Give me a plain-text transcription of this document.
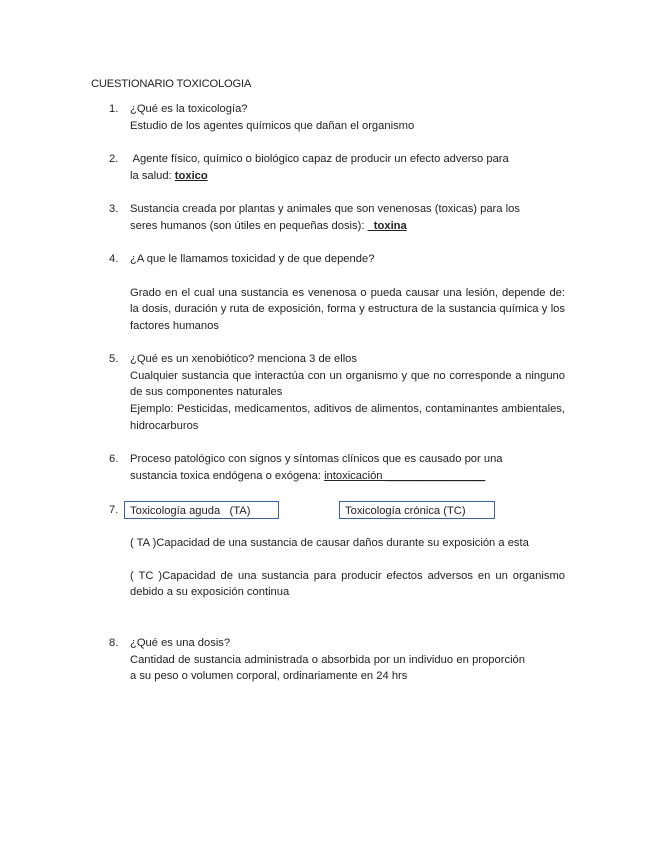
CUESTIONARIO TOXICOLOGIA
1.	¿Qué es la toxicología?
Estudio de los agentes químicos que dañan el organismo
2.	Agente físico, químico o biológico capaz de producir un efecto adverso para
la salud: toxico
3.	Sustancia creada por plantas y animales que son venenosas (toxicas) para los
seres humanos (son útiles en pequeñas dosis): _toxina
4.	¿A que le llamamos toxicidad y de que depende?
Grado en el cual una sustancia es venenosa o pueda causar una lesión, depende de: la dosis, duración y ruta de exposición, forma y estructura de la sustancia química y los factores humanos
5.	¿Qué es un xenobiótico? menciona 3 de ellos
Cualquier sustancia que interactúa con un organismo y que no corresponde a ninguno de sus componentes naturales
Ejemplo: Pesticidas, medicamentos, aditivos de alimentos, contaminantes ambientales, hidrocarburos
6.	Proceso patológico con signos y síntomas clínicos que es causado por una
sustancia toxica endógena o exógena: intoxicación ________________
7.	Toxicología aguda   (TA)	Toxicología crónica (TC)
( TA )Capacidad de una sustancia de causar daños durante su exposición a esta
( TC )Capacidad de una sustancia para producir efectos adversos en un organismo debido a su exposición continua
8.	¿Qué es una dosis?
Cantidad de sustancia administrada o absorbida por un individuo en proporción a su peso o volumen corporal, ordinariamente en 24 hrs
